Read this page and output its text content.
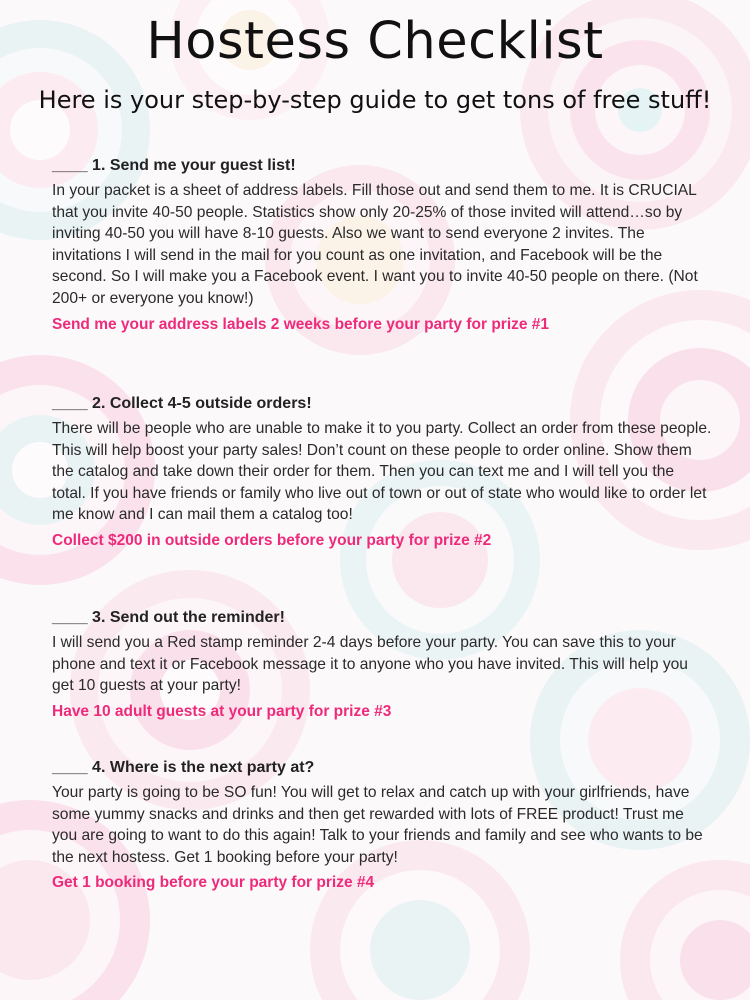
Hostess Checklist
Here is your step-by-step guide to get tons of free stuff!
____ 1. Send me your guest list!

In your packet is a sheet of address labels. Fill those out and send them to me. It is CRUCIAL that you invite 40-50 people. Statistics show only 20-25% of those invited will attend…so by inviting 40-50 you will have 8-10 guests. Also we want to send everyone 2 invites. The invitations I will send in the mail for you count as one invitation, and Facebook will be the second. So I will make you a Facebook event. I want you to invite 40-50 people on there. (Not 200+ or everyone you know!)

Send me your address labels 2 weeks before your party for prize #1
____ 2. Collect 4-5 outside orders!

There will be people who are unable to make it to you party. Collect an order from these people. This will help boost your party sales! Don’t count on these people to order online. Show them the catalog and take down their order for them. Then you can text me and I will tell you the total. If you have friends or family who live out of town or out of state who would like to order let me know and I can mail them a catalog too!

Collect $200 in outside orders before your party for prize #2
____ 3. Send out the reminder!

I will send you a Red stamp reminder 2-4 days before your party. You can save this to your phone and text it or Facebook message it to anyone who you have invited. This will help you get 10 guests at your party!

Have 10 adult guests at your party for prize #3
____ 4. Where is the next party at?

Your party is going to be SO fun! You will get to relax and catch up with your girlfriends, have some yummy snacks and drinks and then get rewarded with lots of FREE product! Trust me you are going to want to do this again! Talk to your friends and family and see who wants to be the next hostess. Get 1 booking before your party!

Get 1 booking before your party for prize #4
